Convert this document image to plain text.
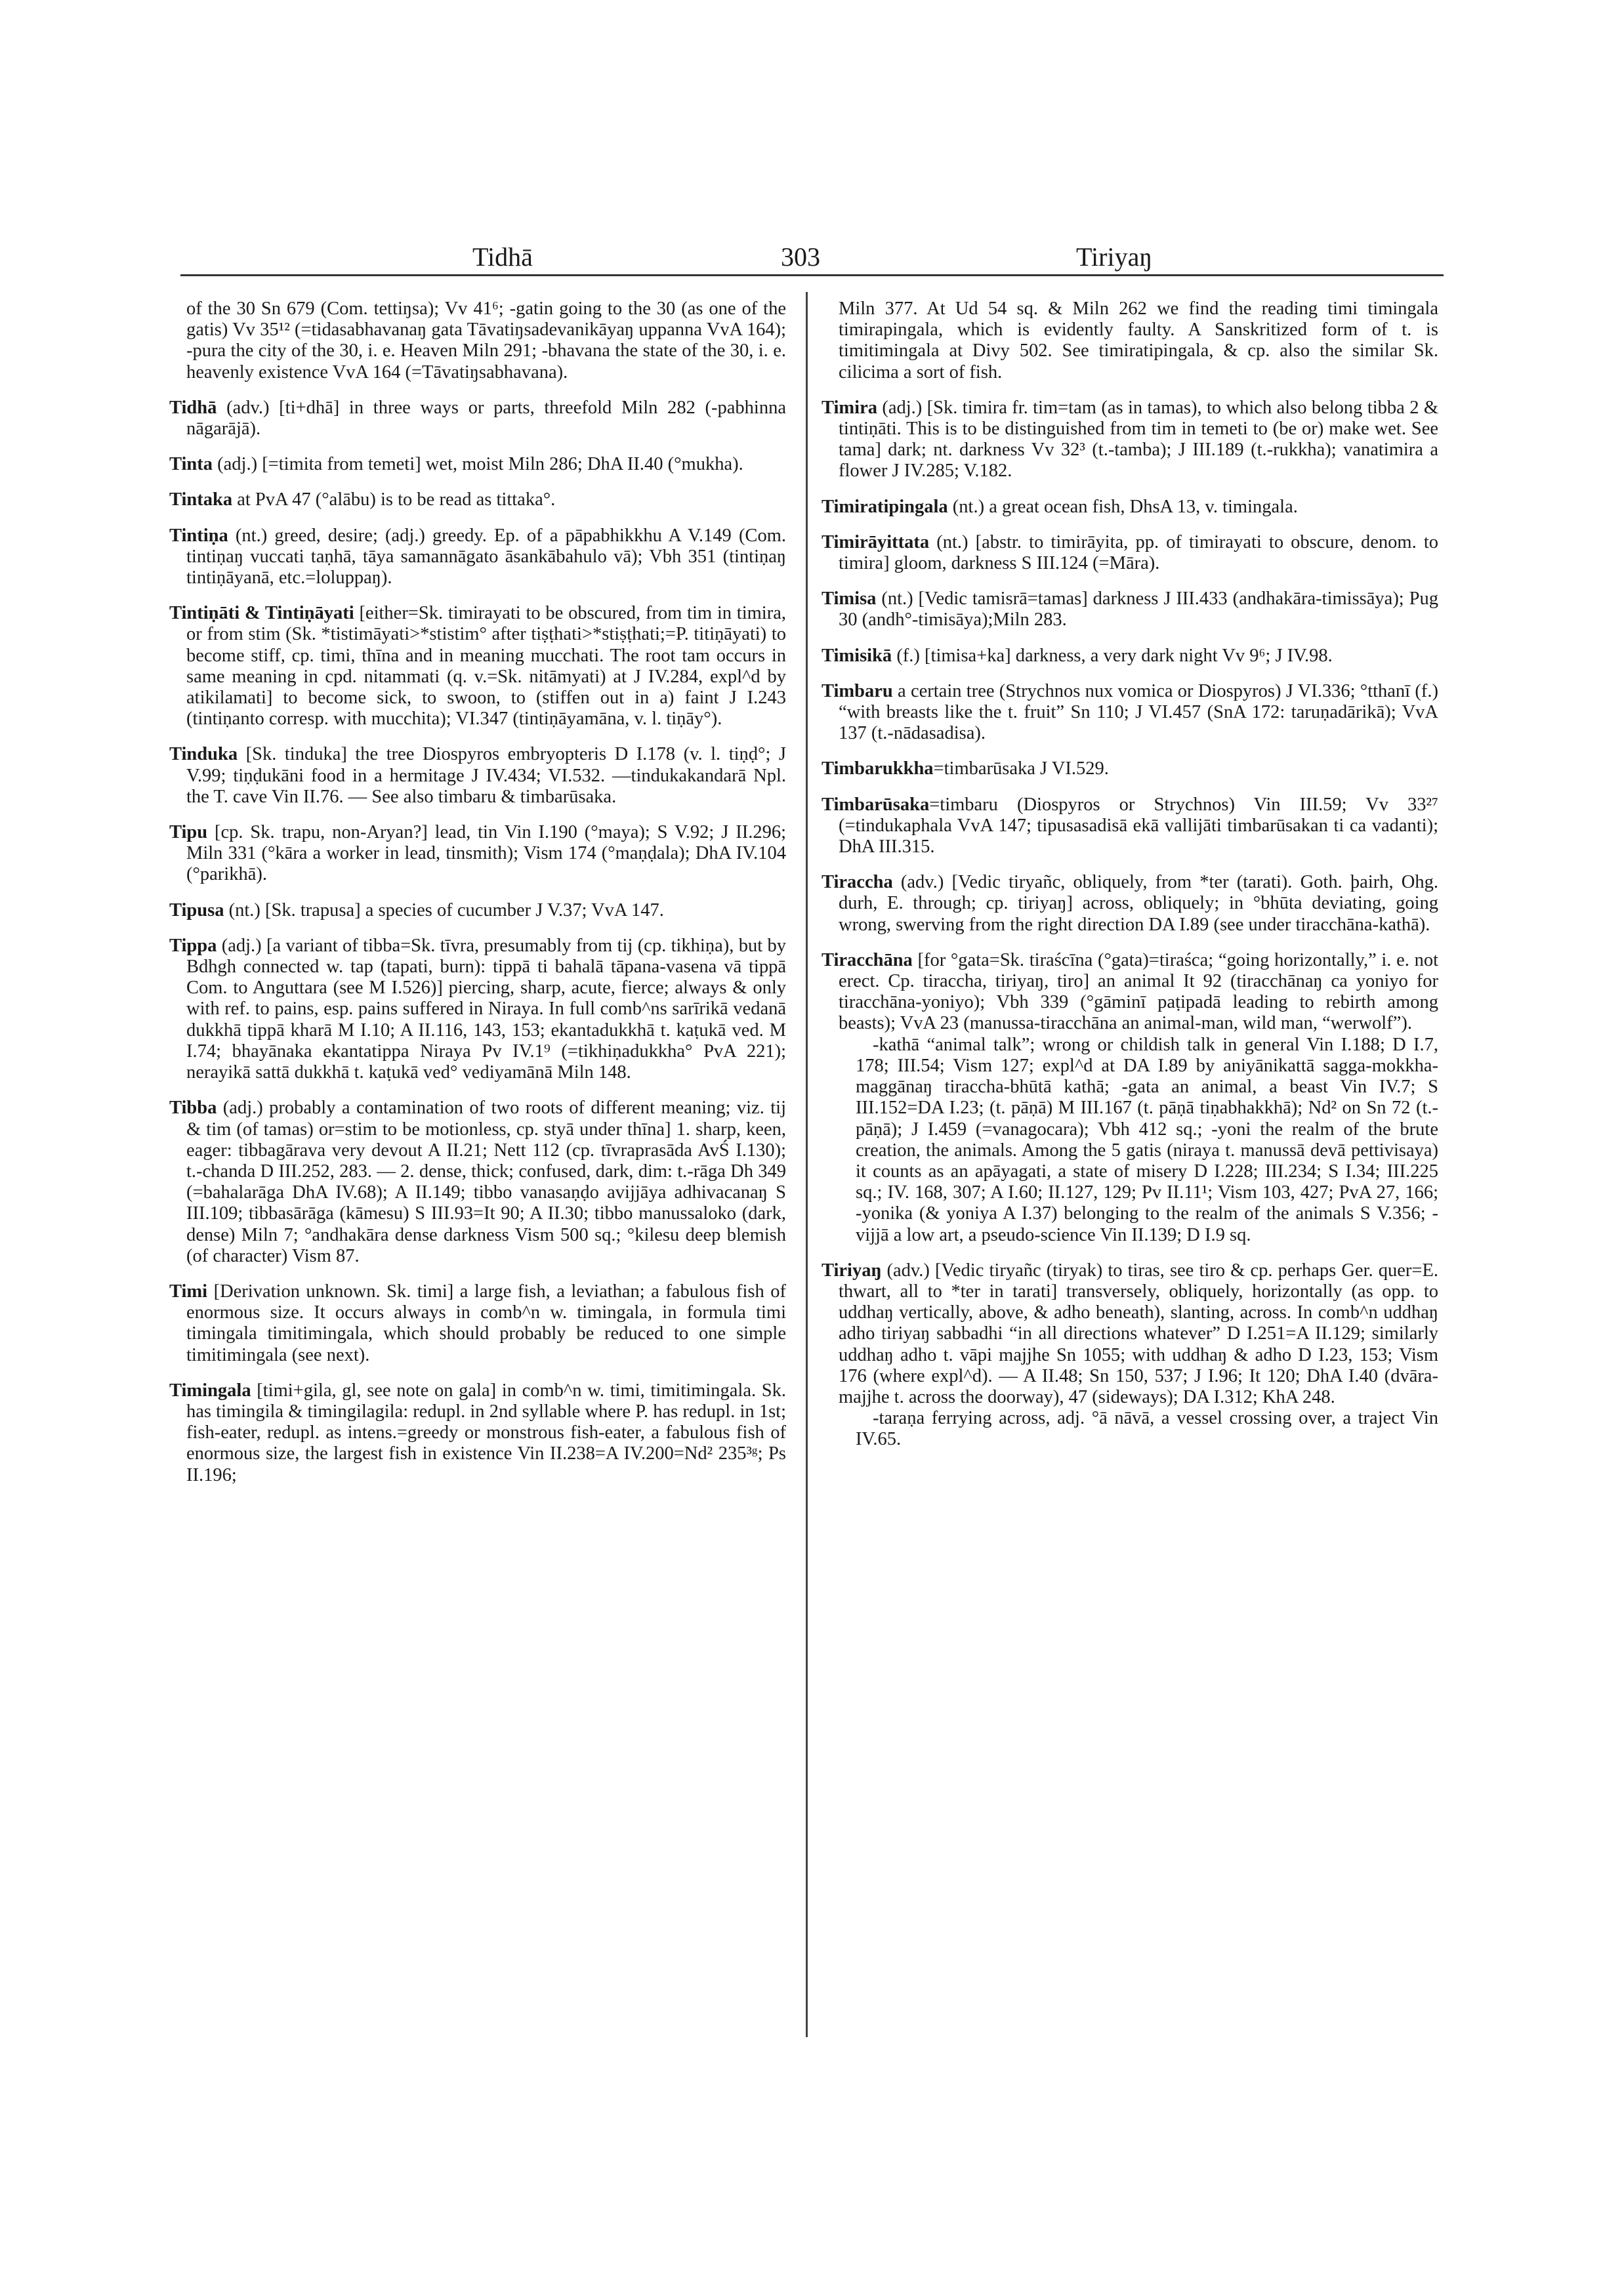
Tidhā	303	Tiriyaŋ

of the 30 Sn 679 (Com. tettiŋsa); Vv 41⁶; -gatin going to the 30 (as one of the gatis) Vv 35¹² (=tidasabhavanaŋ gata Tāvatiŋsadevanikāyaŋ uppanna VvA 164); -pura the city of the 30, i. e. Heaven Miln 291; -bhavana the state of the 30, i. e. heavenly existence VvA 164 (=Tāvatiŋsabhavana).

Tidhā (adv.) [ti+dhā] in three ways or parts, threefold Miln 282 (-pabhinna nāgarājā).

Tinta (adj.) [=timita from temeti] wet, moist Miln 286; DhA II.40 (°mukha).

Tintaka at PvA 47 (°alābu) is to be read as tittaka°.

Tintiṇa (nt.) greed, desire; (adj.) greedy. Ep. of a pāpabhikkhu A V.149 (Com. tintiṇaŋ vuccati taṇhā, tāya samannāgato āsankābahulo vā); Vbh 351 (tintiṇaŋ tintiṇāyanā, etc.=loluppaŋ).

Tintiṇāti & Tintiṇāyati [either=Sk. timirayati to be obscured, from tim in timira, or from stim (Sk. *tistimāyati>*stistim° after tiṣṭhati>*stiṣṭhati;=P. titiṇāyati) to become stiff, cp. timi, thīna and in meaning mucchati. The root tam occurs in same meaning in cpd. nitammati (q. v.=Sk. nitāmyati) at J IV.284, expl^d by atikilamati] to become sick, to swoon, to (stiffen out in a) faint J I.243 (tintiṇanto corresp. with mucchita); VI.347 (tintiṇāyamāna, v. l. tiṇāy°).

Tinduka [Sk. tinduka] the tree Diospyros embryopteris D I.178 (v. l. tiṇḍ°; J V.99; tiṇḍukāni food in a hermitage J IV.434; VI.532. —tindukakandarā Npl. the T. cave Vin II.76. — See also timbaru & timbarūsaka.

Tipu [cp. Sk. trapu, non-Aryan?] lead, tin Vin I.190 (°maya); S V.92; J II.296; Miln 331 (°kāra a worker in lead, tinsmith); Vism 174 (°maṇḍala); DhA IV.104 (°parikhā).

Tipusa (nt.) [Sk. trapusa] a species of cucumber J V.37; VvA 147.

Tippa (adj.) [a variant of tibba=Sk. tīvra, presumably from tij (cp. tikhiṇa), but by Bdhgh connected w. tap (tapati, burn): tippā ti bahalā tāpana-vasena vā tippā Com. to Anguttara (see M I.526)] piercing, sharp, acute, fierce; always & only with ref. to pains, esp. pains suffered in Niraya. In full comb^ns sarīrikā vedanā dukkhā tippā kharā M I.10; A II.116, 143, 153; ekantadukkhā t. kaṭukā ved. M I.74; bhayānaka ekantatippa Niraya Pv IV.1⁹ (=tikhiṇadukkha° PvA 221); nerayikā sattā dukkhā t. kaṭukā ved° vediyamānā Miln 148.

Tibba (adj.) probably a contamination of two roots of different meaning; viz. tij & tim (of tamas) or=stim to be motionless, cp. styā under thīna] 1. sharp, keen, eager: tibbagārava very devout A II.21; Nett 112 (cp. tīvraprasāda AvŚ I.130); t.-chanda D III.252, 283. — 2. dense, thick; confused, dark, dim: t.-rāga Dh 349 (=bahalarāga DhA IV.68); A II.149; tibbo vanasaṇḍo avijjāya adhivacanaŋ S III.109; tibbasārāga (kāmesu) S III.93=It 90; A II.30; tibbo manussaloko (dark, dense) Miln 7; °andhakāra dense darkness Vism 500 sq.; °kilesu deep blemish (of character) Vism 87.

Timi [Derivation unknown. Sk. timi] a large fish, a leviathan; a fabulous fish of enormous size. It occurs always in comb^n w. timingala, in formula timi timingala timitimingala, which should probably be reduced to one simple timitimingala (see next).

Timingala [timi+gila, gl, see note on gala] in comb^n w. timi, timitimingala. Sk. has timingila & timingilagila: redupl. in 2nd syllable where P. has redupl. in 1st; fish-eater, redupl. as intens.=greedy or monstrous fish-eater, a fabulous fish of enormous size, the largest fish in existence Vin II.238=A IV.200=Nd² 235³ᵍ; Ps II.196;

Miln 377. At Ud 54 sq. & Miln 262 we find the reading timi timingala timirapingala, which is evidently faulty. A Sanskritized form of t. is timitimingala at Divy 502. See timiratipingala, & cp. also the similar Sk. cilicima a sort of fish.

Timira (adj.) [Sk. timira fr. tim=tam (as in tamas), to which also belong tibba 2 & tintiṇāti. This is to be distinguished from tim in temeti to (be or) make wet. See tama] dark; nt. darkness Vv 32³ (t.-tamba); J III.189 (t.-rukkha); vanatimira a flower J IV.285; V.182.

Timiratipingala (nt.) a great ocean fish, DhsA 13, v. timingala.

Timirāyittata (nt.) [abstr. to timirāyita, pp. of timirayati to obscure, denom. to timira] gloom, darkness S III.124 (=Māra).

Timisa (nt.) [Vedic tamisrā=tamas] darkness J III.433 (andhakāra-timissāya); Pug 30 (andh°-timisāya);Miln 283.

Timisikā (f.) [timisa+ka] darkness, a very dark night Vv 9⁶; J IV.98.

Timbaru a certain tree (Strychnos nux vomica or Diospyros) J VI.336; °tthanī (f.) “with breasts like the t. fruit” Sn 110; J VI.457 (SnA 172: taruṇadārikā); VvA 137 (t.-nādasadisa).

Timbarukkha=timbarūsaka J VI.529.

Timbarūsaka=timbaru (Diospyros or Strychnos) Vin III.59; Vv 33²⁷ (=tindukaphala VvA 147; tipusasadisā ekā vallijāti timbarūsakan ti ca vadanti); DhA III.315.

Tiraccha (adv.) [Vedic tiryañc, obliquely, from *ter (tarati). Goth. þairh, Ohg. durh, E. through; cp. tiriyaŋ] across, obliquely; in °bhūta deviating, going wrong, swerving from the right direction DA I.89 (see under tiracchāna-kathā).

Tiracchāna [for °gata=Sk. tiraścīna (°gata)=tiraśca; “going horizontally,” i. e. not erect. Cp. tiraccha, tiriyaŋ, tiro] an animal It 92 (tiracchānaŋ ca yoniyo for tiracchāna-yoniyo); Vbh 339 (°gāminī paṭipadā leading to rebirth among beasts); VvA 23 (manussa-tiracchāna an animal-man, wild man, “werwolf”).
-kathā “animal talk”; wrong or childish talk in general Vin I.188; D I.7, 178; III.54; Vism 127; expl^d at DA I.89 by aniyānikattā sagga-mokkha-maggānaŋ tiraccha-bhūtā kathā; -gata an animal, a beast Vin IV.7; S III.152=DA I.23; (t. pāṇā) M III.167 (t. pāṇā tiṇabhakkhā); Nd² on Sn 72 (t.-pāṇā); J I.459 (=vanagocara); Vbh 412 sq.; -yoni the realm of the brute creation, the animals. Among the 5 gatis (niraya t. manussā devā pettivisaya) it counts as an apāyagati, a state of misery D I.228; III.234; S I.34; III.225 sq.; IV. 168, 307; A I.60; II.127, 129; Pv II.11¹; Vism 103, 427; PvA 27, 166; -yonika (& yoniya A I.37) belonging to the realm of the animals S V.356; -vijjā a low art, a pseudo-science Vin II.139; D I.9 sq.
Tiriyaŋ (adv.) [Vedic tiryañc (tiryak) to tiras, see tiro & cp. perhaps Ger. quer=E. thwart, all to *ter in tarati] transversely, obliquely, horizontally (as opp. to uddhaŋ vertically, above, & adho beneath), slanting, across. In comb^n uddhaŋ adho tiriyaŋ sabbadhi “in all directions whatever” D I.251=A II.129; similarly uddhaŋ adho t. vāpi majjhe Sn 1055; with uddhaŋ & adho D I.23, 153; Vism 176 (where expl^d). — A II.48; Sn 150, 537; J I.96; It 120; DhA I.40 (dvāra-majjhe t. across the doorway), 47 (sideways); DA I.312; KhA 248.
-taraṇa ferrying across, adj. °ā nāvā, a vessel crossing over, a traject Vin IV.65.
